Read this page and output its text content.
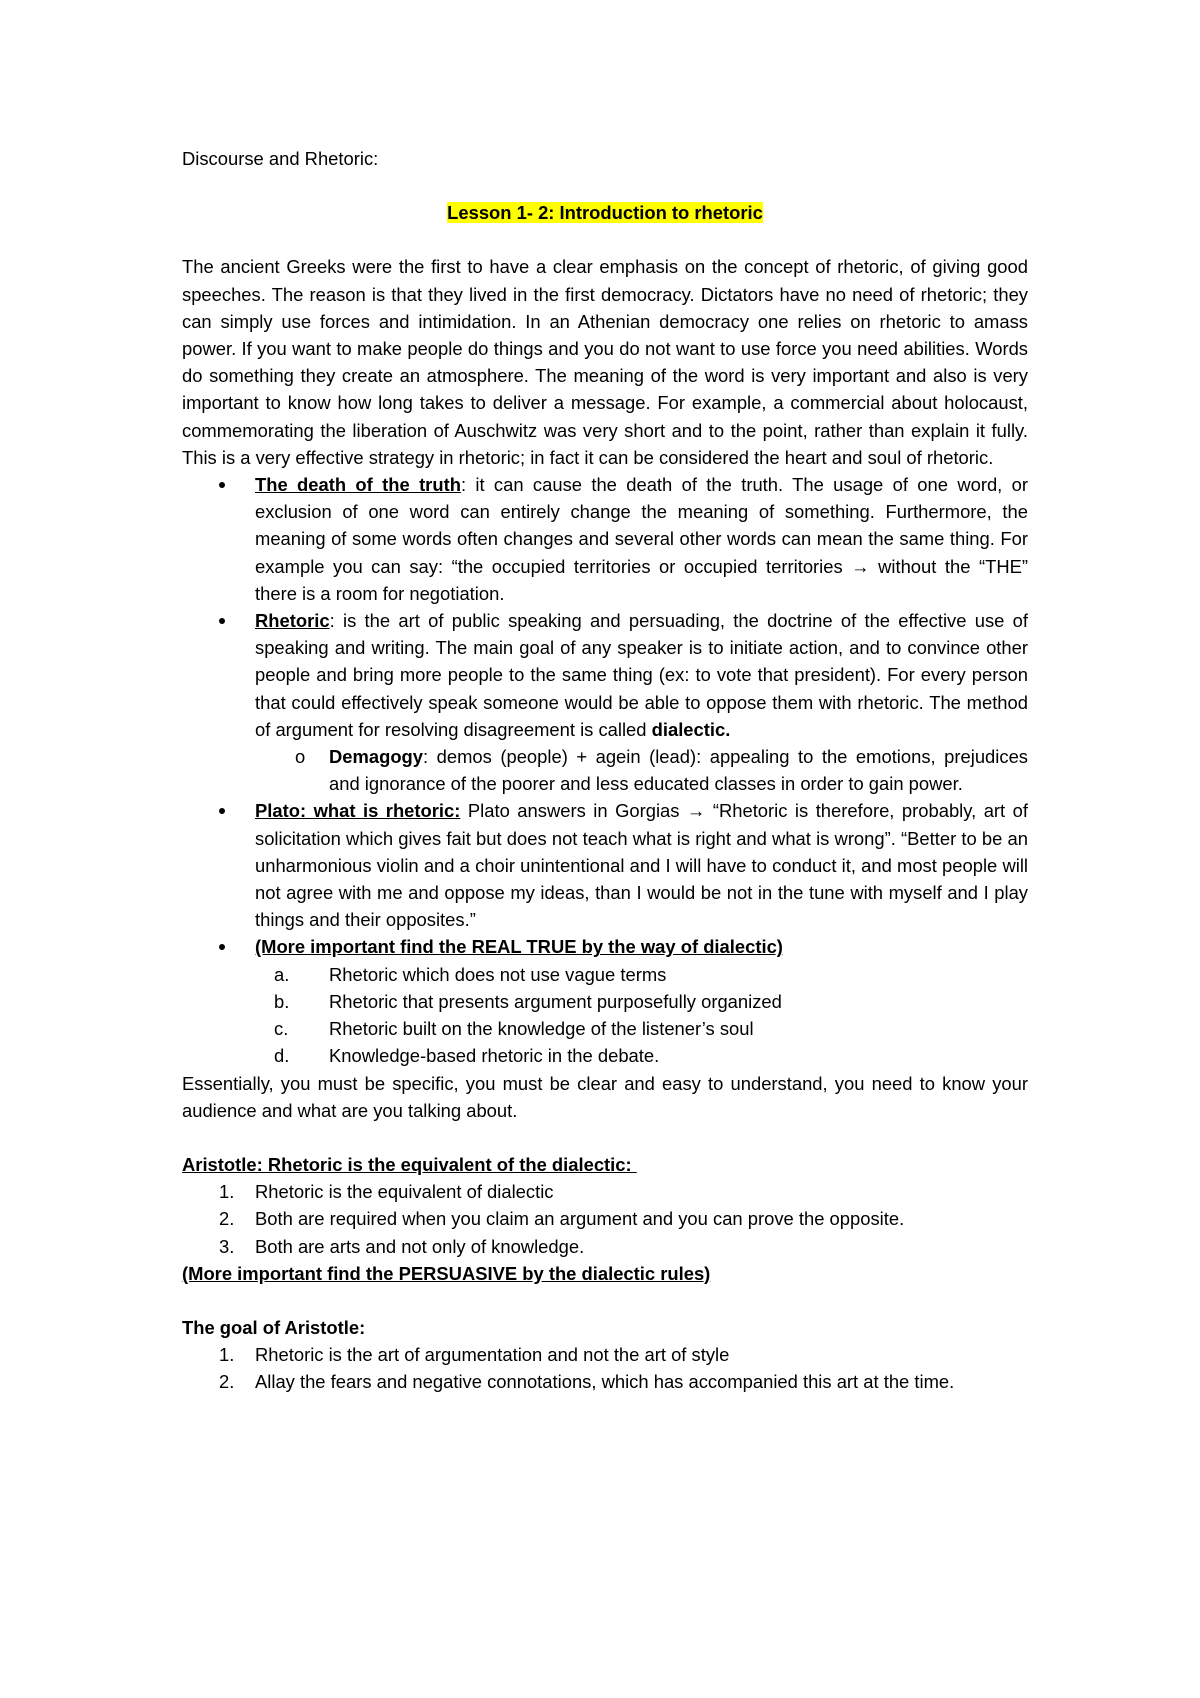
Discourse and Rhetoric:

Lesson 1- 2: Introduction to rhetoric

The ancient Greeks were the first to have a clear emphasis on the concept of rhetoric, of giving good speeches. The reason is that they lived in the first democracy. Dictators have no need of rhetoric; they can simply use forces and intimidation. In an Athenian democracy one relies on rhetoric to amass power. If you want to make people do things and you do not want to use force you need abilities. Words do something they create an atmosphere. The meaning of the word is very important and also is very important to know how long takes to deliver a message. For example, a commercial about holocaust, commemorating the liberation of Auschwitz was very short and to the point, rather than explain it fully. This is a very effective strategy in rhetoric; in fact it can be considered the heart and soul of rhetoric.

The death of the truth: it can cause the death of the truth. The usage of one word, or exclusion of one word can entirely change the meaning of something. Furthermore, the meaning of some words often changes and several other words can mean the same thing. For example you can say: “the occupied territories or occupied territories → without the “THE” there is a room for negotiation.

Rhetoric: is the art of public speaking and persuading, the doctrine of the effective use of speaking and writing. The main goal of any speaker is to initiate action, and to convince other people and bring more people to the same thing (ex: to vote that president). For every person that could effectively speak someone would be able to oppose them with rhetoric. The method of argument for resolving disagreement is called dialectic.

o	Demagogy: demos (people) + agein (lead): appealing to the emotions, prejudices and ignorance of the poorer and less educated classes in order to gain power.

Plato: what is rhetoric: Plato answers in Gorgias → “Rhetoric is therefore, probably, art of solicitation which gives fait but does not teach what is right and what is wrong”. “Better to be an unharmonious violin and a choir unintentional and I will have to conduct it, and most people will not agree with me and oppose my ideas, than I would be not in the tune with myself and I play things and their opposites.”

(More important find the REAL TRUE by the way of dialectic)

a. Rhetoric which does not use vague terms

b. Rhetoric that presents argument purposefully organized

c. Rhetoric built on the knowledge of the listener’s soul

d. Knowledge-based rhetoric in the debate.

Essentially, you must be specific, you must be clear and easy to understand, you need to know your audience and what are you talking about.

Aristotle: Rhetoric is the equivalent of the dialectic:

1. Rhetoric is the equivalent of dialectic

2. Both are required when you claim an argument and you can prove the opposite.

3. Both are arts and not only of knowledge.

(More important find the PERSUASIVE by the dialectic rules)

The goal of Aristotle:

1. Rhetoric is the art of argumentation and not the art of style

2. Allay the fears and negative connotations, which has accompanied this art at the time.
